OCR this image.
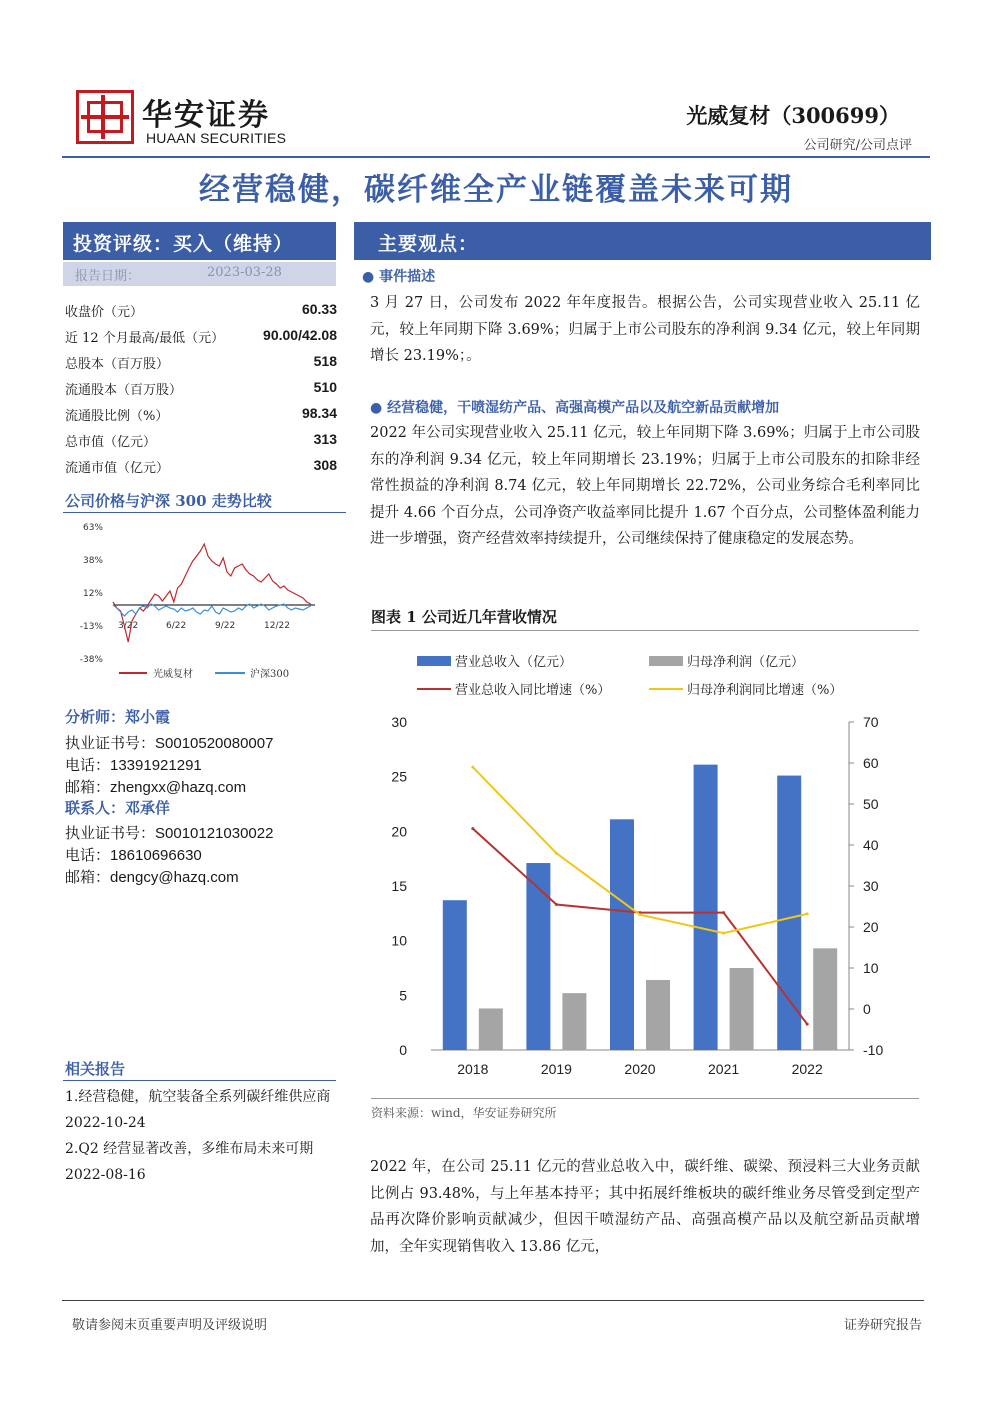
华安证券
HUAAN SECURITIES
光威复材（300699）
公司研究/公司点评
经营稳健，碳纤维全产业链覆盖未来可期
投资评级：买入（维持）
报告日期：	2023-03-28
收盘价（元）	60.33
近 12 个月最高/最低（元）	90.00/42.08
总股本（百万股）	518
流通股本（百万股）	510
流通股比例（%）	98.34
总市值（亿元）	313
流通市值（亿元）	308
公司价格与沪深 300 走势比较
63%
38%
12%
-13%
-38%
3/22	6/22	9/22	12/22
光威复材	沪深300
分析师：郑小霞
执业证书号：S0010520080007
电话：13391921291
邮箱：zhengxx@hazq.com
联系人：邓承佯
执业证书号：S0010121030022
电话：18610696630
邮箱：dengcy@hazq.com
相关报告
1.经营稳健，航空装备全系列碳纤维供应商 2022-10-24
2.Q2 经营显著改善，多维布局未来可期 2022-08-16
主要观点：
● 事件描述
3 月 27 日，公司发布 2022 年年度报告。根据公告，公司实现营业收入 25.11 亿元，较上年同期下降 3.69%；归属于上市公司股东的净利润 9.34 亿元，较上年同期增长 23.19%；。
● 经营稳健，干喷湿纺产品、高强高模产品以及航空新品贡献增加
2022 年公司实现营业收入 25.11 亿元，较上年同期下降 3.69%；归属于上市公司股东的净利润 9.34 亿元，较上年同期增长 23.19%；归属于上市公司股东的扣除非经常性损益的净利润 8.74 亿元，较上年同期增长 22.72%，公司业务综合毛利率同比提升 4.66 个百分点，公司净资产收益率同比提升 1.67 个百分点，公司整体盈利能力进一步增强，资产经营效率持续提升，公司继续保持了健康稳定的发展态势。
图表 1 公司近几年营收情况
营业总收入（亿元）	归母净利润（亿元）
营业总收入同比增速（%）	归母净利润同比增速（%）
0
5
10
15
20
25
30
-10
0
10
20
30
40
50
60
70
2018	2019	2020	2021	2022
资料来源：wind，华安证券研究所
2022 年，在公司 25.11 亿元的营业总收入中，碳纤维、碳梁、预浸料三大业务贡献比例占 93.48%，与上年基本持平；其中拓展纤维板块的碳纤维业务尽管受到定型产品再次降价影响贡献减少，但因干喷湿纺产品、高强高模产品以及航空新品贡献增加，全年实现销售收入 13.86 亿元，
敬请参阅末页重要声明及评级说明	证券研究报告
